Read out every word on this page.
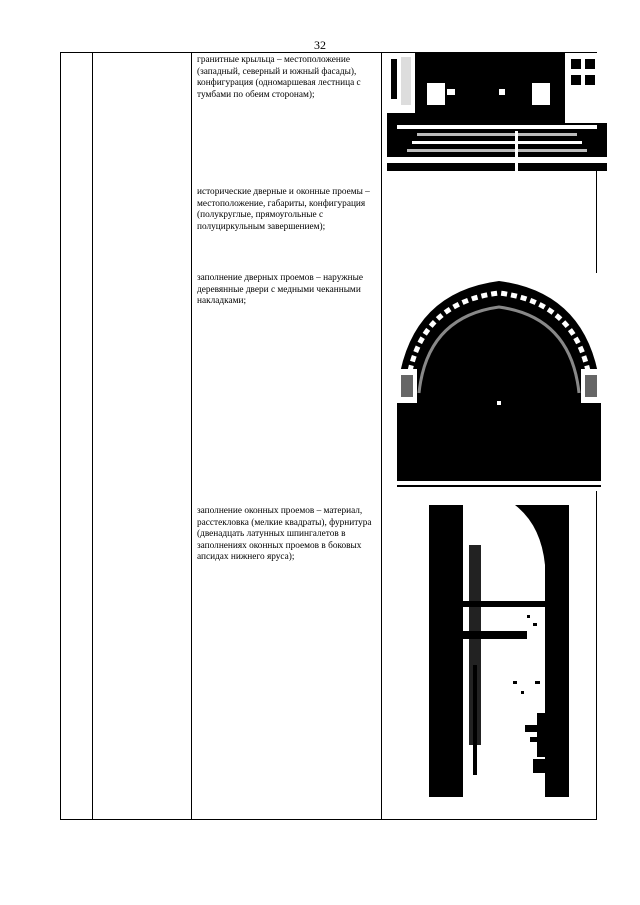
32
гранитные крыльца – местоположение (западный, северный и южный фасады), конфигурация (одномаршевая лестница с тумбами по обеим сторонам);
исторические дверные и оконные проемы – местоположение, габариты, конфигурация (полукруглые, прямоугольные с полуциркульным завершением);
заполнение дверных проемов – наружные деревянные двери с медными чеканными накладками;
заполнение оконных проемов – материал, расстекловка (мелкие квадраты), фурнитура (двенадцать латунных шпингалетов в заполнениях оконных проемов в боковых апсидах нижнего яруса);
